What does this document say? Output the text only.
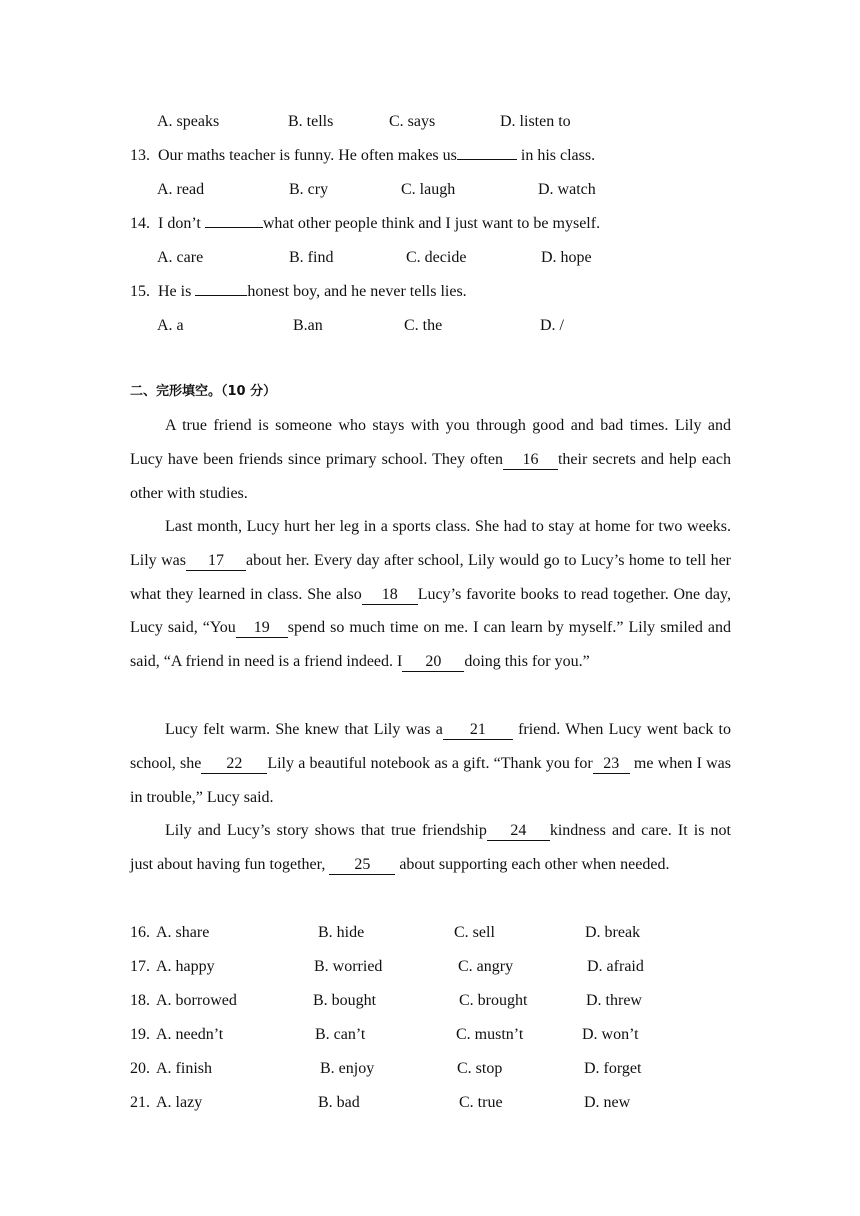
A. speaks	B. tells	C. says	D. listen to
13. Our maths teacher is funny. He often makes us	in his class.
A. read	B. cry	C. laugh	D. watch
14. I don’t	what other people think and I just want to be myself.
A. care	B. find	C. decide	D. hope
15. He is	honest boy, and he never tells lies.
A. a	B.an	C. the	D. /
二、完形填空。（10 分）
A true friend is someone who stays with you through good and bad times. Lily and Lucy have been friends since primary school. They often 16 their secrets and help each other with studies.
Last month, Lucy hurt her leg in a sports class. She had to stay at home for two weeks. Lily was 17 about her. Every day after school, Lily would go to Lucy’s home to tell her what they learned in class. She also 18 Lucy’s favorite books to read together. One day, Lucy said, “You 19 spend so much time on me. I can learn by myself.” Lily smiled and said, “A friend in need is a friend indeed. I 20 doing this for you.”
Lucy felt warm. She knew that Lily was a 21 friend. When Lucy went back to school, she 22 Lily a beautiful notebook as a gift. “Thank you for 23 me when I was in trouble,” Lucy said.
Lily and Lucy’s story shows that true friendship 24 kindness and care. It is not just about having fun together, 25 about supporting each other when needed.
16. A. share	B. hide	C. sell	D. break
17. A. happy	B. worried	C. angry	D. afraid
18. A. borrowed	B. bought	C. brought	D. threw
19. A. needn’t	B. can’t	C. mustn’t	D. won’t
20. A. finish	B. enjoy	C. stop	D. forget
21. A. lazy	B. bad	C. true	D. new
